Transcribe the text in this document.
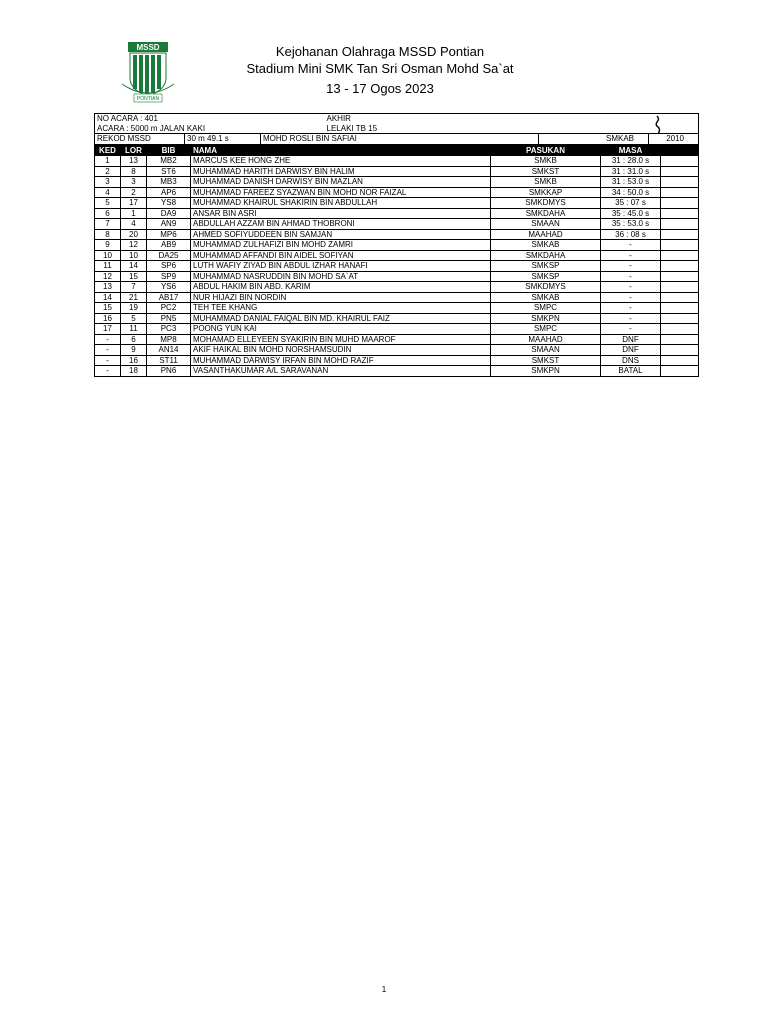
MSSD
PONTIAN
Kejohanan Olahraga MSSD Pontian
Stadium Mini SMK Tan Sri Osman Mohd Sa`at
13 - 17 Ogos 2023
NO ACARA : 401	AKHIR
ACARA : 5000 m JALAN KAKI	LELAKI TB 15
REKOD MSSD	30 m 49.1 s	MOHD ROSLI BIN SAFIAI	SMKAB	2010
KED	LOR	BIB	NAMA	PASUKAN	MASA	
1	13	MB2	MARCUS KEE HONG ZHE	SMKB	31 : 28.0 s	
2	8	ST6	MUHAMMAD HARITH DARWISY BIN HALIM	SMKST	31 : 31.0 s	
3	3	MB3	MUHAMMAD DANISH DARWISY BIN MAZLAN	SMKB	31 : 53.0 s	
4	2	AP6	MUHAMMAD FAREEZ SYAZWAN BIN MOHD NOR FAIZAL	SMKKAP	34 : 50.0 s	
5	17	YS8	MUHAMMAD KHAIRUL SHAKIRIN BIN ABDULLAH	SMKDMYS	35 : 07 s	
6	1	DA9	ANSAR BIN ASRI	SMKDAHA	35 : 45.0 s	
7	4	AN9	ABDULLAH AZZAM BIN AHMAD THOBRONI	SMAAN	35 : 53.0 s	
8	20	MP6	AHMED SOFIYUDDEEN BIN SAMJAN	MAAHAD	36 : 08 s	
9	12	AB9	MUHAMMAD ZULHAFIZI BIN MOHD ZAMRI	SMKAB	-	
10	10	DA25	MUHAMMAD AFFANDI BIN AIDEL SOFIYAN	SMKDAHA	-	
11	14	SP6	LUTH WAFIY ZIYAD BIN ABDUL IZHAR HANAFI	SMKSP	-	
12	15	SP9	MUHAMMAD NASRUDDIN BIN MOHD SA`AT	SMKSP	-	
13	7	YS6	ABDUL HAKIM BIN ABD. KARIM	SMKDMYS	-	
14	21	AB17	NUR HIJAZI BIN NORDIN	SMKAB	-	
15	19	PC2	TEH TEE KHANG	SMPC	-	
16	5	PN5	MUHAMMAD DANIAL FAIQAL BIN MD. KHAIRUL FAIZ	SMKPN	-	
17	11	PC3	POONG YUN KAI	SMPC	-	
-	6	MP8	MOHAMAD ELLEYEEN SYAKIRIN BIN MUHD MAAROF	MAAHAD	DNF	
-	9	AN14	AKIF HAIKAL BIN MOHD NORSHAMSUDIN	SMAAN	DNF	
-	16	ST11	MUHAMMAD DARWISY IRFAN BIN MOHD RAZIF	SMKST	DNS	
-	18	PN6	VASANTHAKUMAR A/L SARAVANAN	SMKPN	BATAL	
1
